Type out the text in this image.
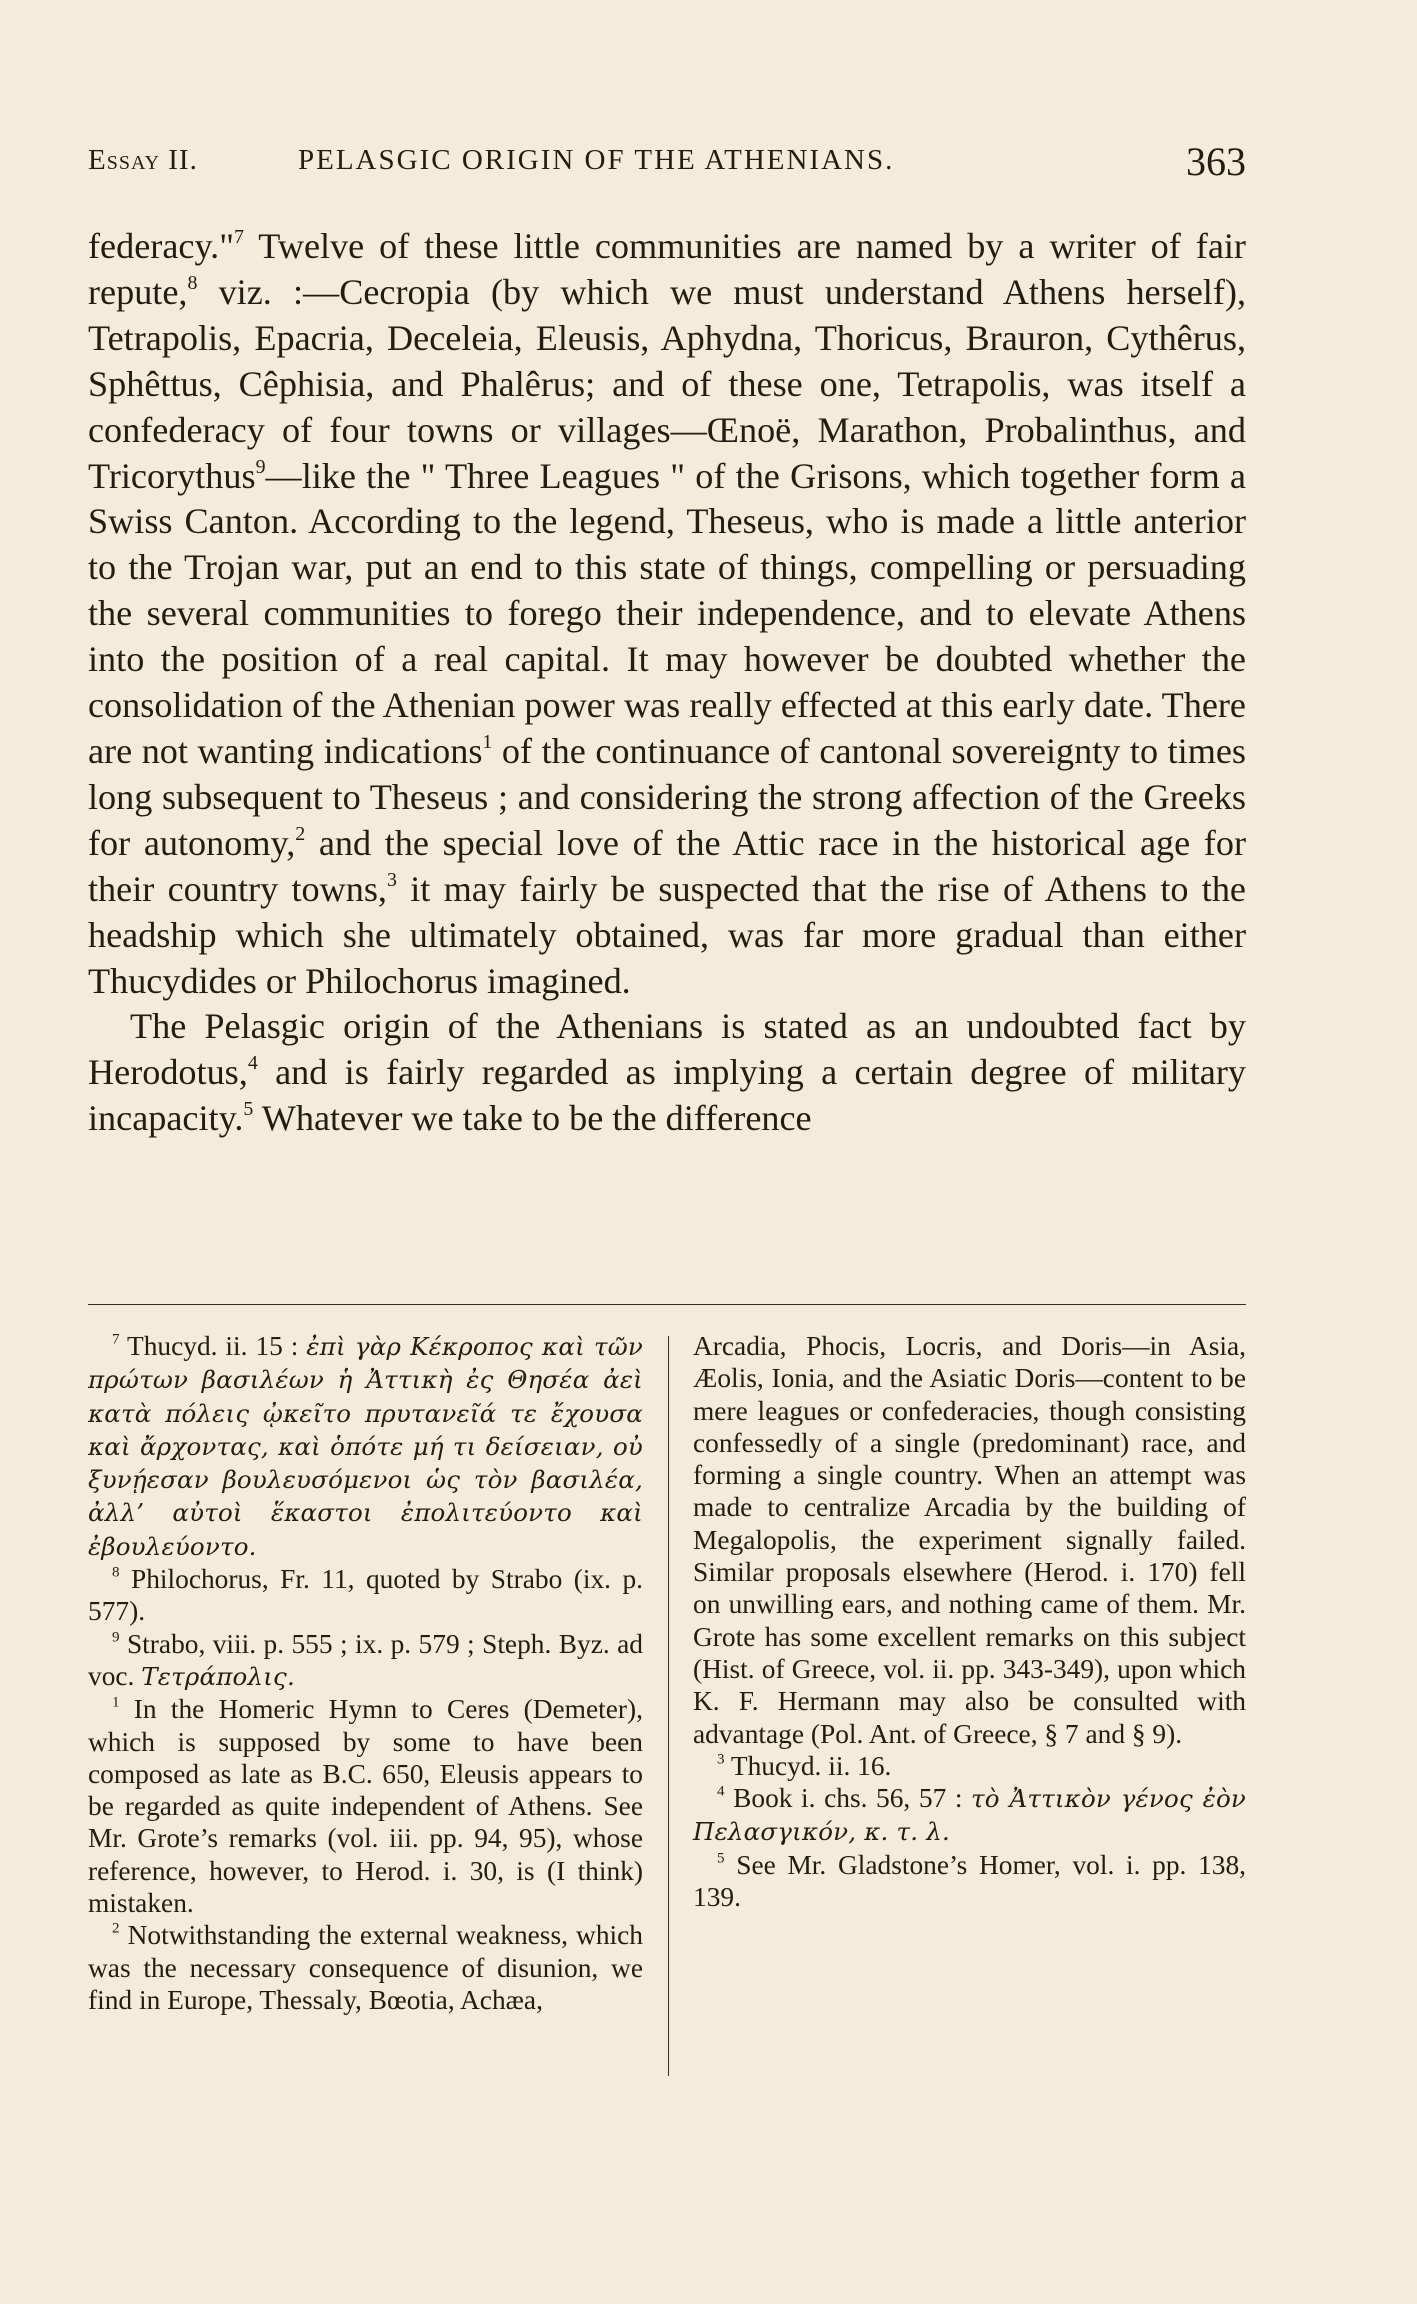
Essay II.	PELASGIC ORIGIN OF THE ATHENIANS.	363

federacy."$^7$ Twelve of these little communities are named by a writer of fair repute,$^8$ viz. :—Cecropia (by which we must understand Athens herself), Tetrapolis, Epacria, Deceleia, Eleusis, Aphydna, Thoricus, Brauron, Cythêrus, Sphêttus, Cêphisia, and Phalêrus; and of these one, Tetrapolis, was itself a confederacy of four towns or villages—Œnoë, Marathon, Probalinthus, and Tricorythus$^9$—like the " Three Leagues " of the Grisons, which together form a Swiss Canton. According to the legend, Theseus, who is made a little anterior to the Trojan war, put an end to this state of things, compelling or persuading the several communities to forego their independence, and to elevate Athens into the position of a real capital. It may however be doubted whether the consolidation of the Athenian power was really effected at this early date. There are not wanting indications$^1$ of the continuance of cantonal sovereignty to times long subsequent to Theseus ; and considering the strong affection of the Greeks for autonomy,$^2$ and the special love of the Attic race in the historical age for their country towns,$^3$ it may fairly be suspected that the rise of Athens to the headship which she ultimately obtained, was far more gradual than either Thucydides or Philochorus imagined.

The Pelasgic origin of the Athenians is stated as an undoubted fact by Herodotus,$^4$ and is fairly regarded as implying a certain degree of military incapacity.$^5$ Whatever we take to be the difference

$^7$ Thucyd. ii. 15 : ἐπὶ γὰρ Κέκροπος καὶ τῶν πρώτων βασιλέων ἡ Ἀττικὴ ἐς Θησέα ἀεὶ κατὰ πόλεις ᾠκεῖτο πρυτανεῖά τε ἔχουσα καὶ ἄρχοντας, καὶ ὁπότε μή τι δείσειαν, οὐ ξυνῄεσαν βουλευσόμενοι ὡς τὸν βασιλέα, ἀλλ’ αὐτοὶ ἕκαστοι ἐπολιτεύοντο καὶ ἐβουλεύοντο.

$^8$ Philochorus, Fr. 11, quoted by Strabo (ix. p. 577).

$^9$ Strabo, viii. p. 555 ; ix. p. 579 ; Steph. Byz. ad voc. Τετράπολις.

$^1$ In the Homeric Hymn to Ceres (Demeter), which is supposed by some to have been composed as late as B.C. 650, Eleusis appears to be regarded as quite independent of Athens. See Mr. Grote’s remarks (vol. iii. pp. 94, 95), whose reference, however, to Herod. i. 30, is (I think) mistaken.

$^2$ Notwithstanding the external weakness, which was the necessary consequence of disunion, we find in Europe, Thessaly, Bœotia, Achæa,

Arcadia, Phocis, Locris, and Doris—in Asia, Æolis, Ionia, and the Asiatic Doris—content to be mere leagues or confederacies, though consisting confessedly of a single (predominant) race, and forming a single country. When an attempt was made to centralize Arcadia by the building of Megalopolis, the experiment signally failed. Similar proposals elsewhere (Herod. i. 170) fell on unwilling ears, and nothing came of them. Mr. Grote has some excellent remarks on this subject (Hist. of Greece, vol. ii. pp. 343-349), upon which K. F. Hermann may also be consulted with advantage (Pol. Ant. of Greece, § 7 and § 9).

$^3$ Thucyd. ii. 16.

$^4$ Book i. chs. 56, 57 : τὸ Ἀττικὸν γένος ἐὸν Πελασγικόν, κ. τ. λ.

$^5$ See Mr. Gladstone’s Homer, vol. i. pp. 138, 139.
